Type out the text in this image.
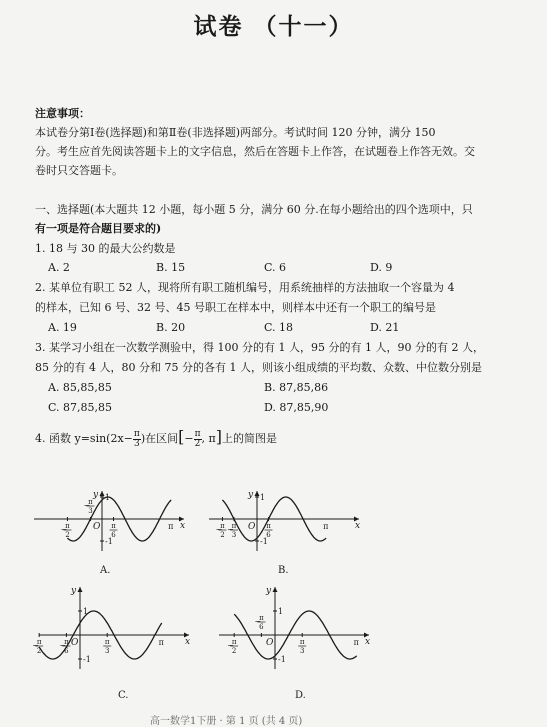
试卷 （十一）
注意事项：
本试卷分第Ⅰ卷(选择题)和第Ⅱ卷(非选择题)两部分。考试时间 120 分钟，满分 150
分。考生应首先阅读答题卡上的文字信息，然后在答题卡上作答，在试题卷上作答无效。交
卷时只交答题卡。
一、选择题(本大题共 12 小题，每小题 5 分，满分 60 分.在每小题给出的四个选项中，只
有一项是符合题目要求的)
1. 18 与 30 的最大公约数是
A. 2	B. 15	C. 6	D. 9
2. 某单位有职工 52 人，现将所有职工随机编号，用系统抽样的方法抽取一个容量为 4
的样本，已知 6 号、32 号、45 号职工在样本中，则样本中还有一个职工的编号是
A. 19	B. 20	C. 18	D. 21
3. 某学习小组在一次数学测验中，得 100 分的有 1 人，95 分的有 1 人，90 分的有 2 人，
85 分的有 4 人，80 分和 75 分的各有 1 人，则该小组成绩的平均数、众数、中位数分别是
A. 85,85,85	B. 87,85,86
C. 87,85,85	D. 87,85,90
4. 函数 $y=\sin(2x- \frac{\pi}{3}$ )在区间[− $\frac{\pi}{2}$ , π]上的简图是
y
x
O
1
-1
−
π
2
−
π
3
π
6
π
y
x
O
1
-1
−
π
2
−
π
3
π
6
π
y
x
O
1
-1
−
π
2
−
π
6
π
3
π
y
x
O
1
-1
−
π
2
−
π
6
π
3
π
A.	B.
C.	D.
高一数学1下册 · 第 1 页 (共 4 页)
